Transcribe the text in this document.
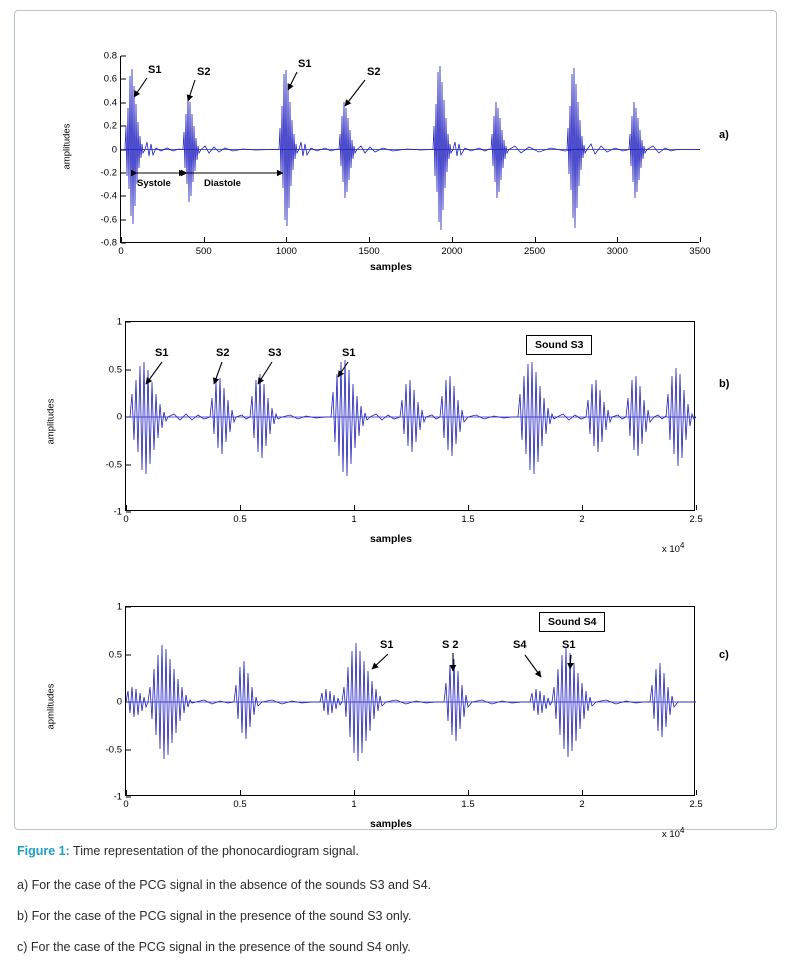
a)
amplitudes
0.8
0.6
0.4
0.2
0
-0.2
-0.4
-0.6
-0.8
0	500	1000	1500	2000	2500	3000	3500
S1	S2
S1
S2
Systole	Diastole
samples
b)
amplitudes
1
0.5
0
-0.5
-1
0	0.5	1	1.5	2	2.5
S1	S2	S3	S1
Sound S3
samples
x $10^4$
c)
apmlitudes
1
0.5
0
-0.5
-1
0	0.5	1	1.5	2	2.5
S1	S 2	S4	S1
Sound S4
samples
x $10^4$
Figure 1: Time representation of the phonocardiogram signal.
a) For the case of the PCG signal in the absence of the sounds S3 and S4.
b) For the case of the PCG signal in the presence of the sound S3 only.
c) For the case of the PCG signal in the presence of the sound S4 only.
